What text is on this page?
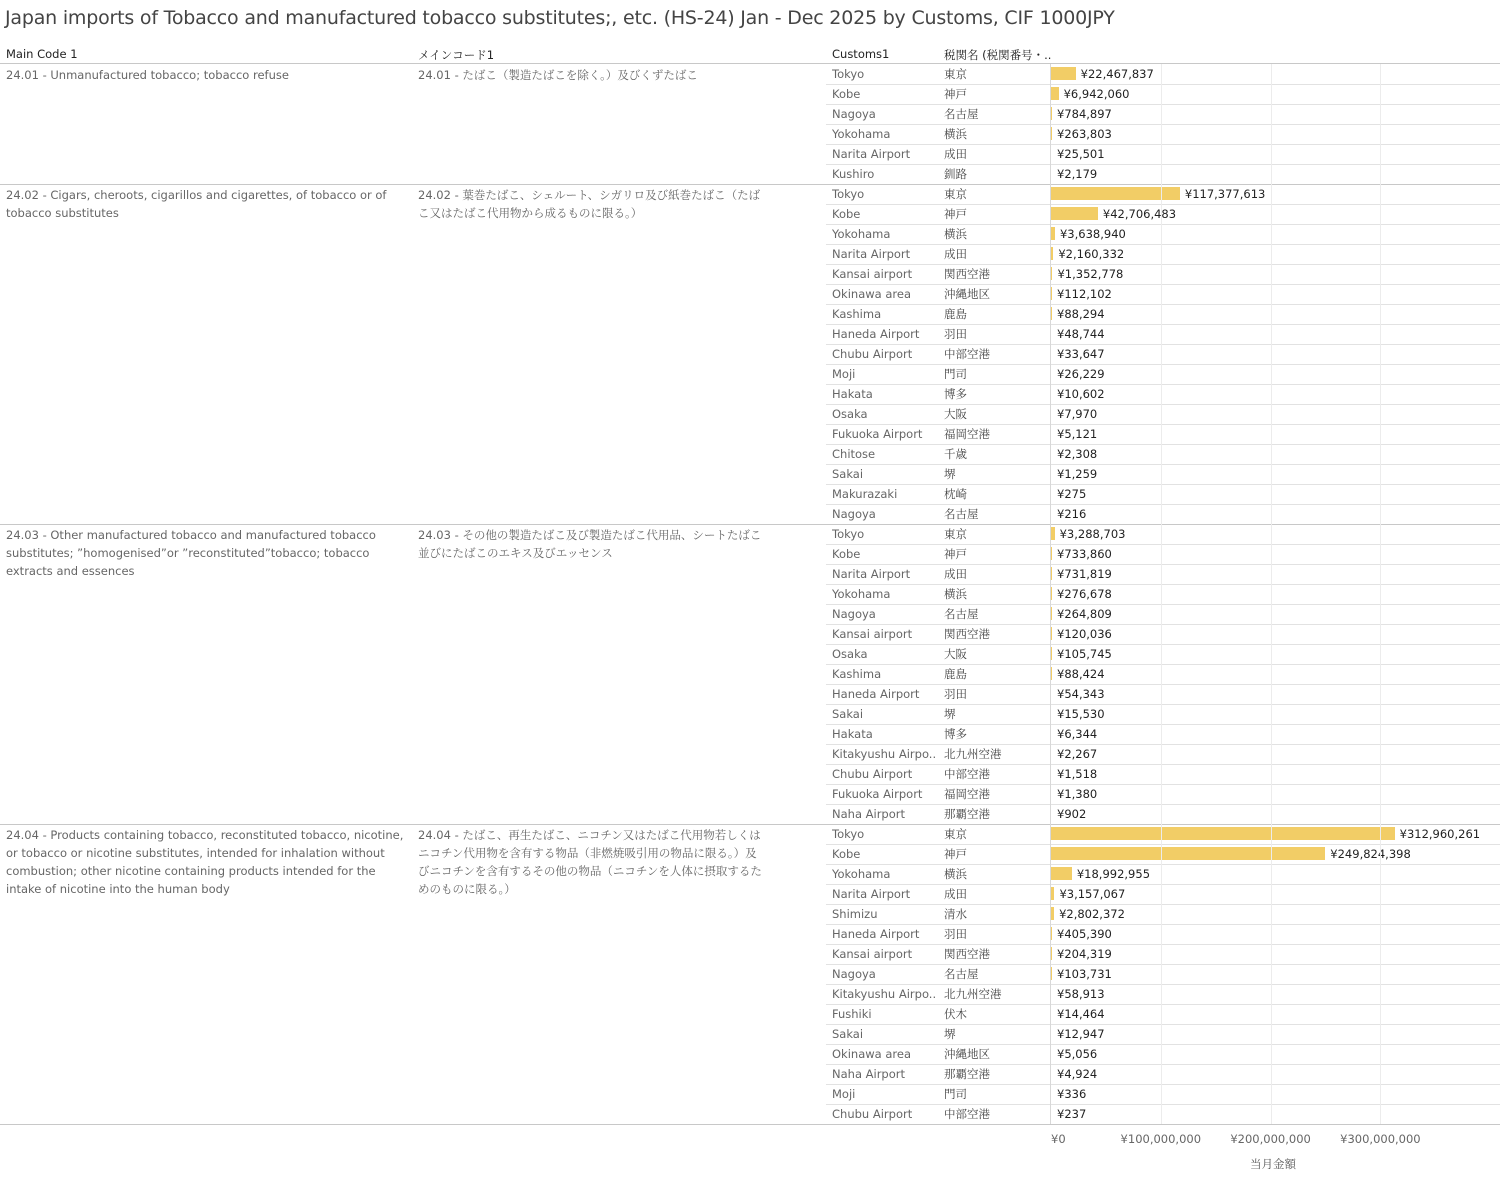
Japan imports of Tobacco and manufactured tobacco substitutes;, etc. (HS-24) Jan - Dec 2025 by Customs, CIF 1000JPY
Main Code 1	メインコード1	Customs1	税関名 (税関番号・..
24.01 - Unmanufactured tobacco; tobacco refuse	24.01 - たばこ（製造たばこを除く。）及びくずたばこ	Tokyo	東京	¥22,467,837
Kobe	神戸	¥6,942,060
Nagoya	名古屋	¥784,897
Yokohama	横浜	¥263,803
Narita Airport	成田	¥25,501
Kushiro	釧路	¥2,179
24.02 - Cigars, cheroots, cigarillos and cigarettes, of tobacco or of tobacco substitutes
24.02 - 葉巻たばこ、シェルート、シガリロ及び紙巻たばこ（たばこ又はたばこ代用物から成るものに限る。）
Tokyo	東京	¥117,377,613
Kobe	神戸	¥42,706,483
Yokohama	横浜	¥3,638,940
Narita Airport	成田	¥2,160,332
Kansai airport	関西空港	¥1,352,778
Okinawa area	沖縄地区	¥112,102
Kashima	鹿島	¥88,294
Haneda Airport	羽田	¥48,744
Chubu Airport	中部空港	¥33,647
Moji	門司	¥26,229
Hakata	博多	¥10,602
Osaka	大阪	¥7,970
Fukuoka Airport	福岡空港	¥5,121
Chitose	千歳	¥2,308
Sakai	堺	¥1,259
Makurazaki	枕崎	¥275
Nagoya	名古屋	¥216
24.03 - Other manufactured tobacco and manufactured tobacco substitutes; ”homogenised”or ”reconstituted”tobacco; tobacco extracts and essences
24.03 - その他の製造たばこ及び製造たばこ代用品、シートたばこ並びにたばこのエキス及びエッセンス
Tokyo	東京	¥3,288,703
Kobe	神戸	¥733,860
Narita Airport	成田	¥731,819
Yokohama	横浜	¥276,678
Nagoya	名古屋	¥264,809
Kansai airport	関西空港	¥120,036
Osaka	大阪	¥105,745
Kashima	鹿島	¥88,424
Haneda Airport	羽田	¥54,343
Sakai	堺	¥15,530
Hakata	博多	¥6,344
Kitakyushu Airpo.. 北九州空港	¥2,267
Chubu Airport	中部空港	¥1,518
Fukuoka Airport	福岡空港	¥1,380
Naha Airport	那覇空港	¥902
24.04 - Products containing tobacco, reconstituted tobacco, nicotine, or tobacco or nicotine substitutes, intended for inhalation without combustion; other nicotine containing products intended for the intake of nicotine into the human body
24.04 - たばこ、再生たばこ、ニコチン又はたばこ代用物若しくはニコチン代用物を含有する物品（非燃焼吸引用の物品に限る。）及びニコチンを含有するその他の物品（ニコチンを人体に摂取するためのものに限る。）
Tokyo	東京	¥312,960,261
Kobe	神戸	¥249,824,398
Yokohama	横浜	¥18,992,955
Narita Airport	成田	¥3,157,067
Shimizu	清水	¥2,802,372
Haneda Airport	羽田	¥405,390
Kansai airport	関西空港	¥204,319
Nagoya	名古屋	¥103,731
Kitakyushu Airpo.. 北九州空港	¥58,913
Fushiki	伏木	¥14,464
Sakai	堺	¥12,947
Okinawa area	沖縄地区	¥5,056
Naha Airport	那覇空港	¥4,924
Moji	門司	¥336
Chubu Airport	中部空港	¥237
¥0	¥100,000,000	¥200,000,000	¥300,000,000
当月金額
